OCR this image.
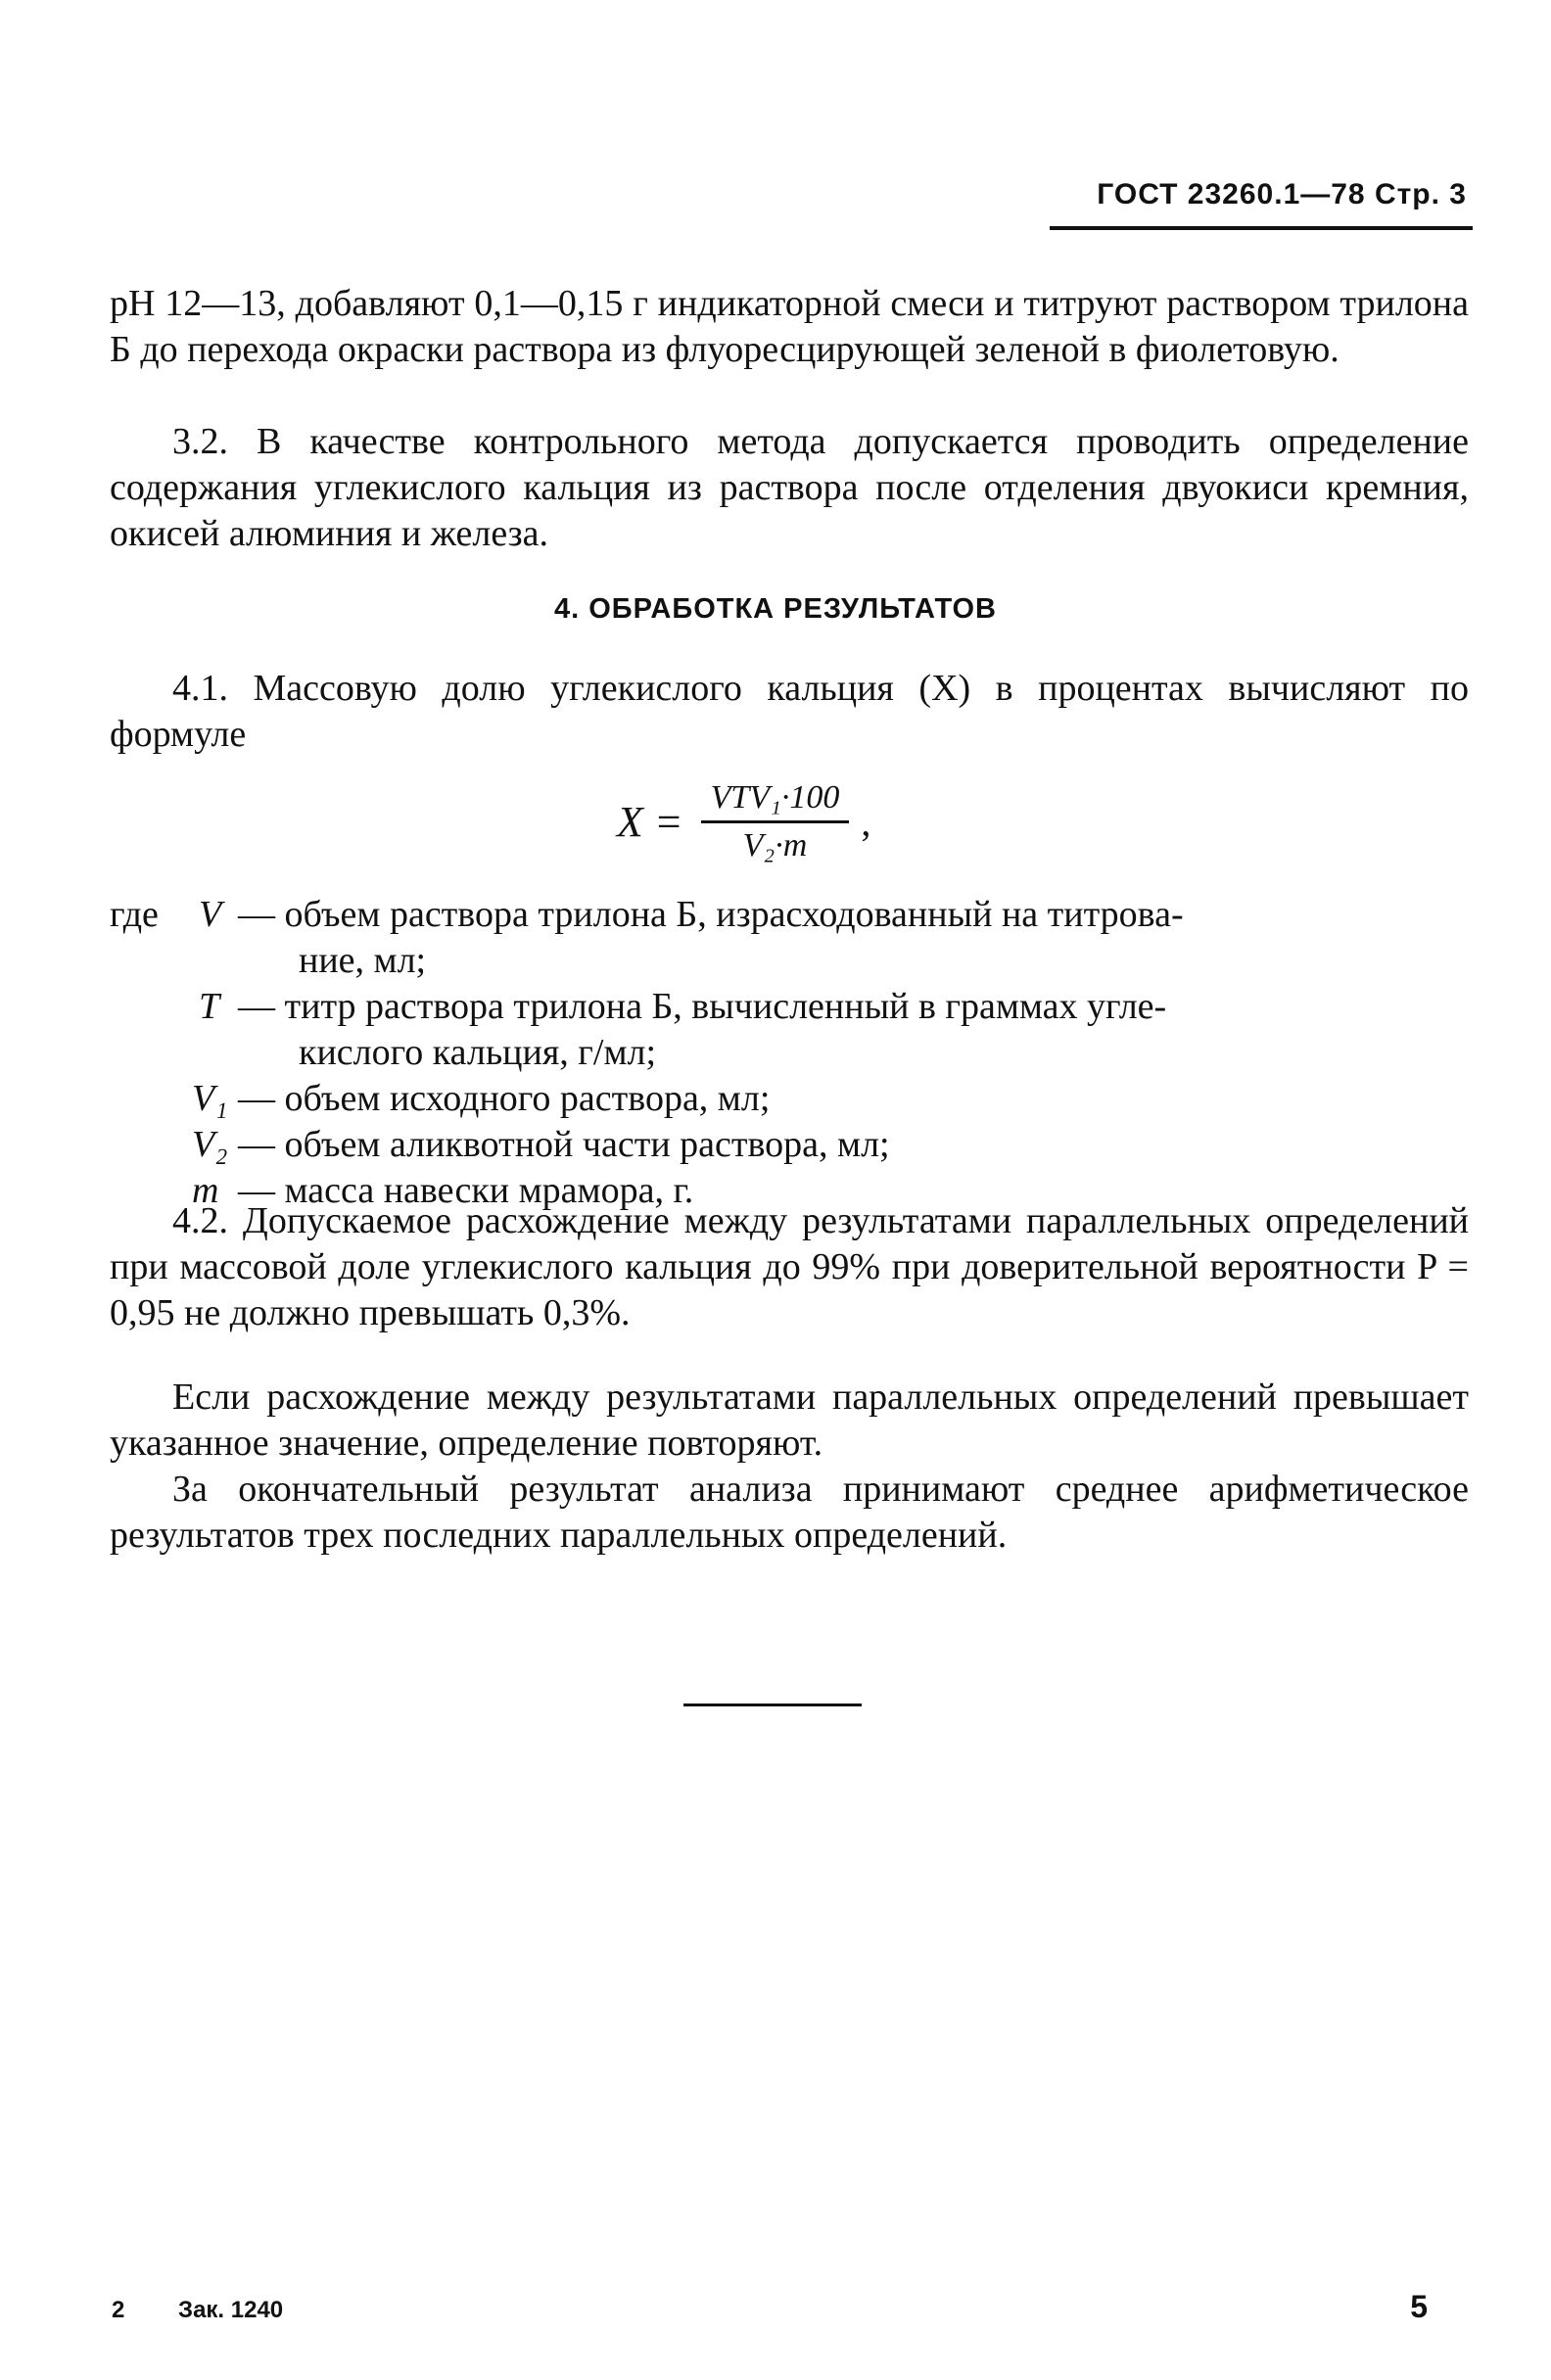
ГОСТ 23260.1—78 Стр. 3
рН 12—13, добавляют 0,1—0,15 г индикаторной смеси и титруют раствором трилона Б до перехода окраски раствора из флуоресцирующей зеленой в фиолетовую.
3.2. В качестве контрольного метода допускается проводить определение содержания углекислого кальция из раствора после отделения двуокиси кремния, окисей алюминия и железа.
4. ОБРАБОТКА РЕЗУЛЬТАТОВ
4.1. Массовую долю углекислого кальция (X) в процентах вычисляют по формуле
$X = \frac{\text{VTV₁·100}}{\text{V₂·m}}$ ,
где V — объем раствора трилона Б, израсходованный на титрова-
ние, мл;
T — титр раствора трилона Б, вычисленный в граммах угле-
кислого кальция, г/мл;
V₁ — объем исходного раствора, мл;
V₂ — объем аликвотной части раствора, мл;
m — масса навески мрамора, г.
4.2. Допускаемое расхождение между результатами параллельных определений при массовой доле углекислого кальция до 99% при доверительной вероятности P = 0,95 не должно превышать 0,3%.
Если расхождение между результатами параллельных определений превышает указанное значение, определение повторяют.
За окончательный результат анализа принимают среднее арифметическое результатов трех последних параллельных определений.
2 Зак. 1240	5
